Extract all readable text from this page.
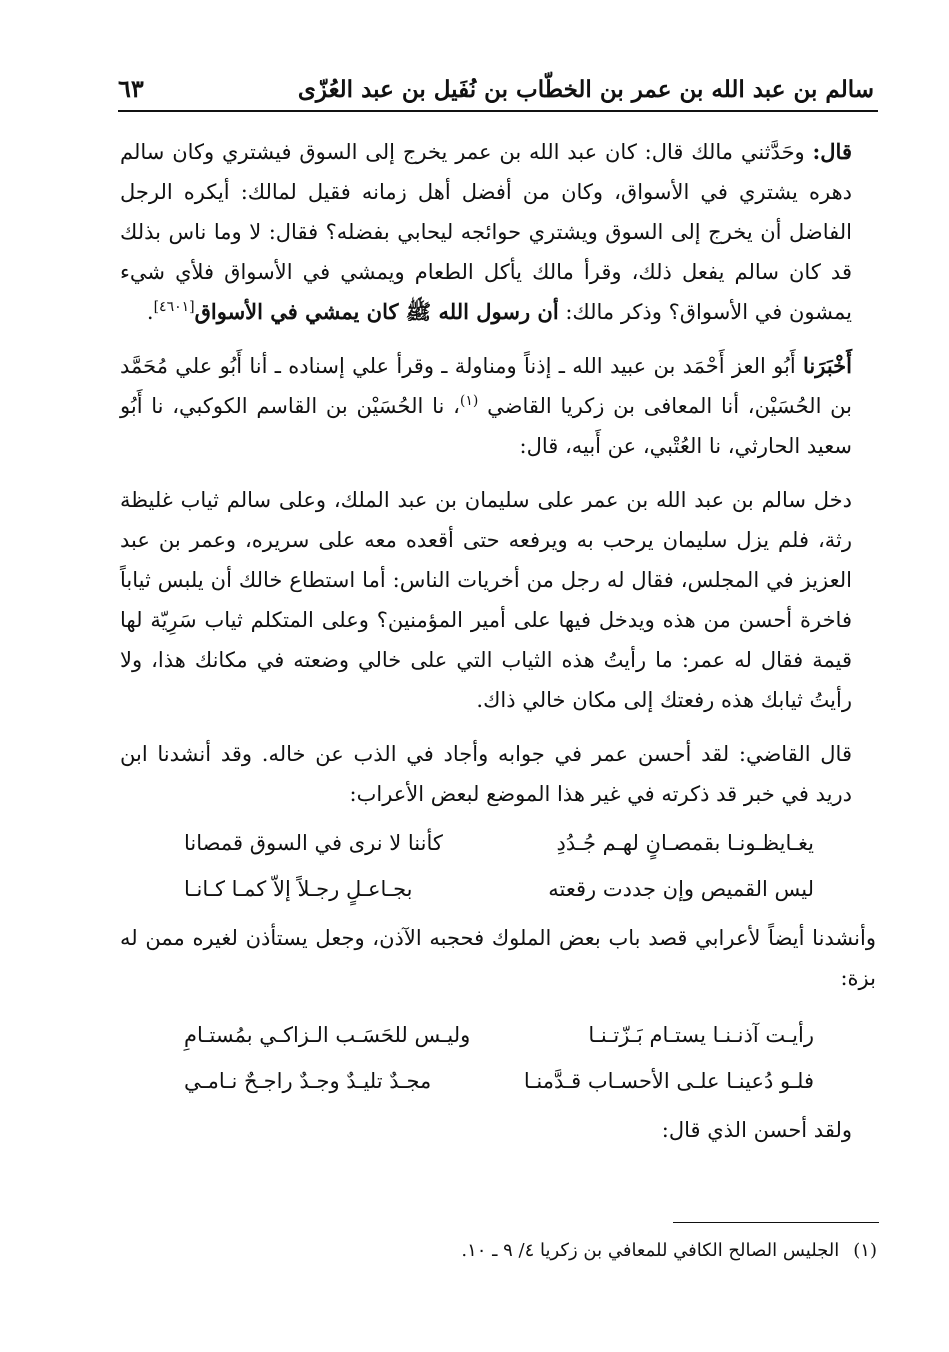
سالم بن عبد الله بن عمر بن الخطّاب بن نُفَيل بن عبد العُزّى
٦٣

قال: وحَدَّثني مالك قال: كان عبد الله بن عمر يخرج إلى السوق فيشتري وكان سالم دهره يشتري في الأسواق، وكان من أفضل أهل زمانه فقيل لمالك: أيكره الرجل الفاضل أن يخرج إلى السوق ويشتري حوائجه ليحابي بفضله؟ فقال: لا وما ناس بذلك قد كان سالم يفعل ذلك، وقرأ مالك يأكل الطعام ويمشي في الأسواق فلأي شيء يمشون في الأسواق؟ وذكر مالك: أن رسول الله ﷺ كان يمشي في الأسواق[٤٦٠١].

أَخْبَرَنا أَبُو العز أَحْمَد بن عبيد الله ـ إذناً ومناولة ـ وقرأ علي إسناده ـ أنا أَبُو علي مُحَمَّد بن الحُسَيْن، أنا المعافى بن زكريا القاضي $^{(١)}$، نا الحُسَيْن بن القاسم الكوكبي، نا أَبُو سعيد الحارثي، نا العُتْبي، عن أَبيه، قال:

دخل سالم بن عبد الله بن عمر على سليمان بن عبد الملك، وعلى سالم ثياب غليظة رثة، فلم يزل سليمان يرحب به ويرفعه حتى أقعده معه على سريره، وعمر بن عبد العزيز في المجلس، فقال له رجل من أخريات الناس: أما استطاع خالك أن يلبس ثياباً فاخرة أحسن من هذه ويدخل فيها على أمير المؤمنين؟ وعلى المتكلم ثياب سَرِيّة لها قيمة فقال له عمر: ما رأيتُ هذه الثياب التي على خالي وضعته في مكانك هذا، ولا رأيتُ ثيابك هذه رفعتك إلى مكان خالي ذاك.

قال القاضي: لقد أحسن عمر في جوابه وأجاد في الذب عن خاله. وقد أنشدنا ابن دريد في خبر قد ذكرته في غير هذا الموضع لبعض الأعراب:

يغـايظـونـا بقمصـانٍ لهـم جُـدُدِ
كأننا لا نرى في السوق قمصانا
ليس القميص وإن جددت رقعته
بجـاعـلٍ رجـلاً إلاّ كمـا كـانـا

وأنشدنا أيضاً لأعرابي قصد باب بعض الملوك فحجبه الآذن، وجعل يستأذن لغيره ممن له بزة:

رأيـت آذنـنـا يستـام بَـزّتـنـا
وليـس للحَسَـب الـزاكـي بمُستـامِ
فلـو دُعينـا علـى الأحسـاب قـدَّمنـا
مجـدٌ تليـدٌ وجـدٌ راجـحٌ نـامـي

ولقد أحسن الذي قال:

(١)الجليس الصالح الكافي للمعافي بن زكريا ٤/ ٩ ـ ١٠.
